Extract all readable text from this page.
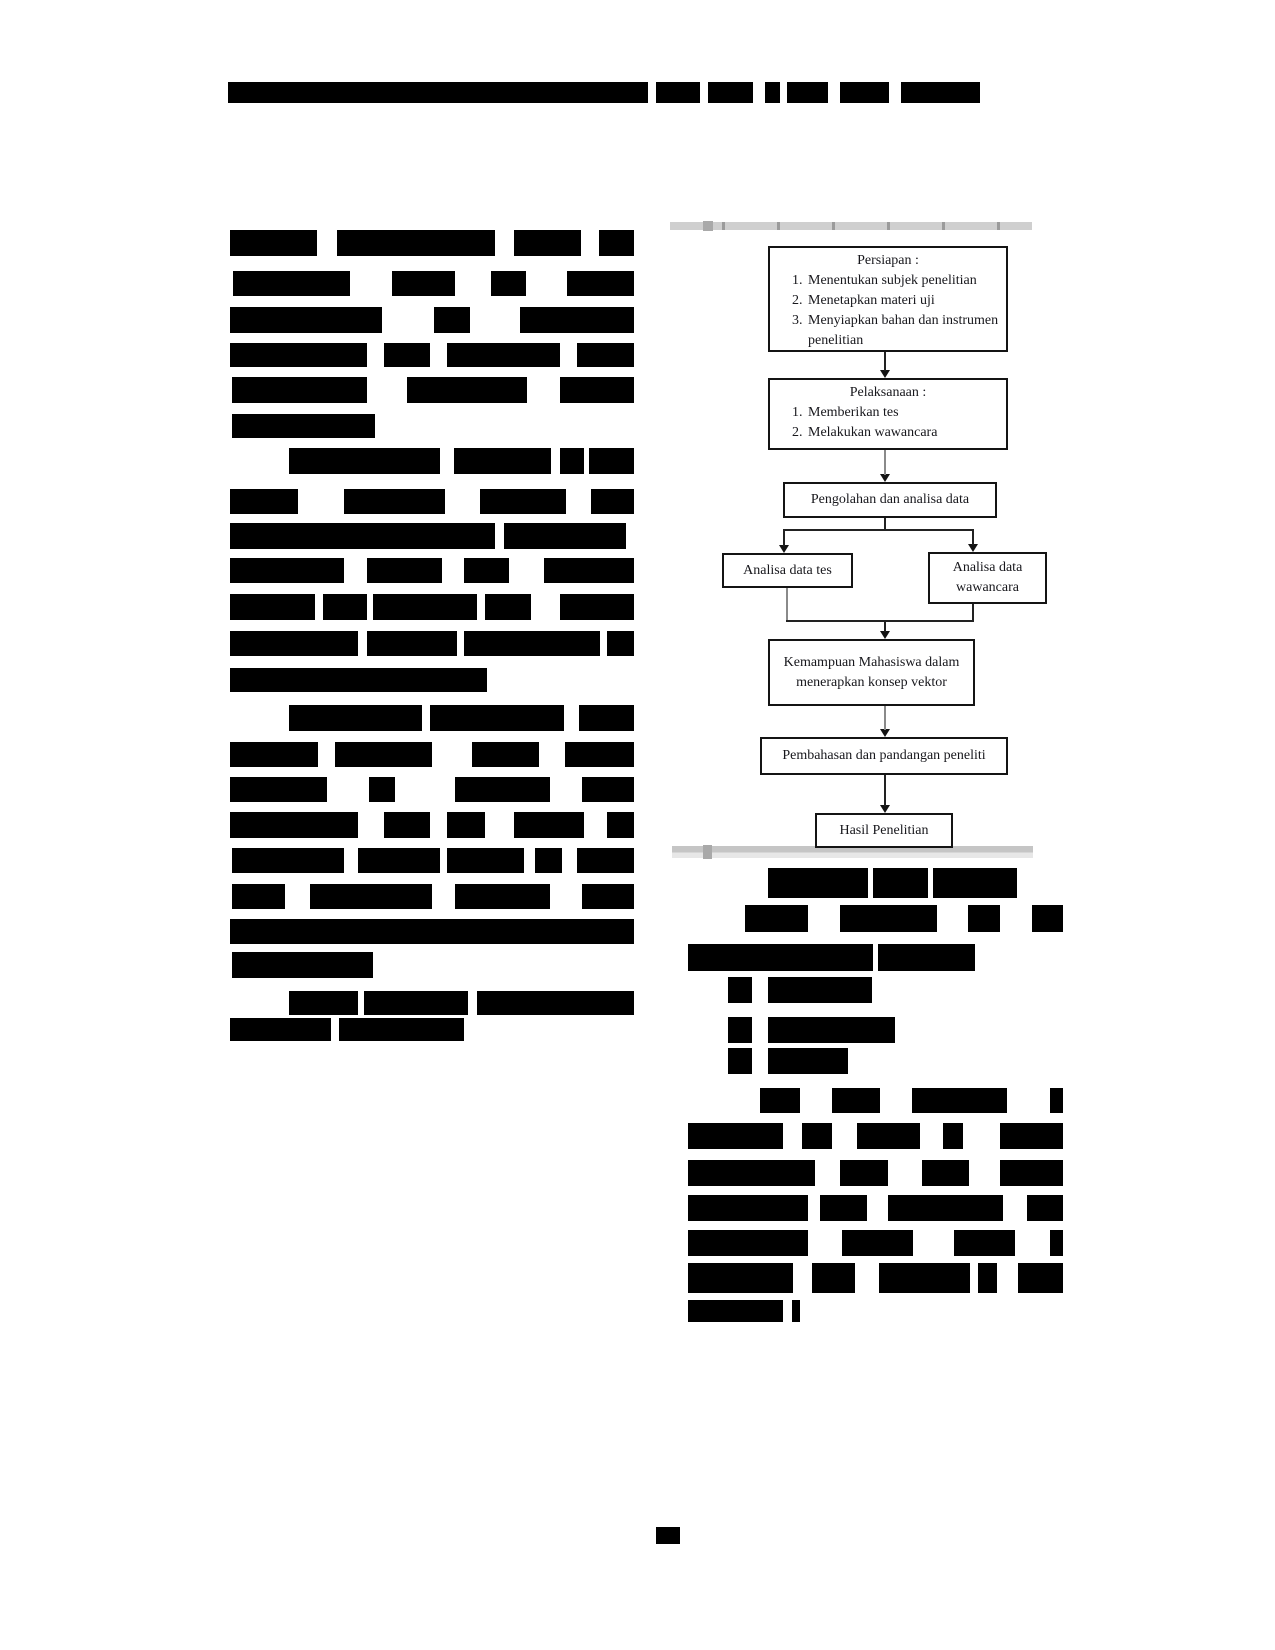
Persiapan :
1. Menentukan subjek penelitian
2. Menetapkan materi uji
3. Menyiapkan bahan dan instrumen penelitian
Pelaksanaan :
1. Memberikan tes
2. Melakukan wawancara
Pengolahan dan analisa data
Analisa data tes	Analisa data wawancara
Kemampuan Mahasiswa dalam menerapkan konsep vektor
Pembahasan dan pandangan peneliti
Hasil Penelitian
